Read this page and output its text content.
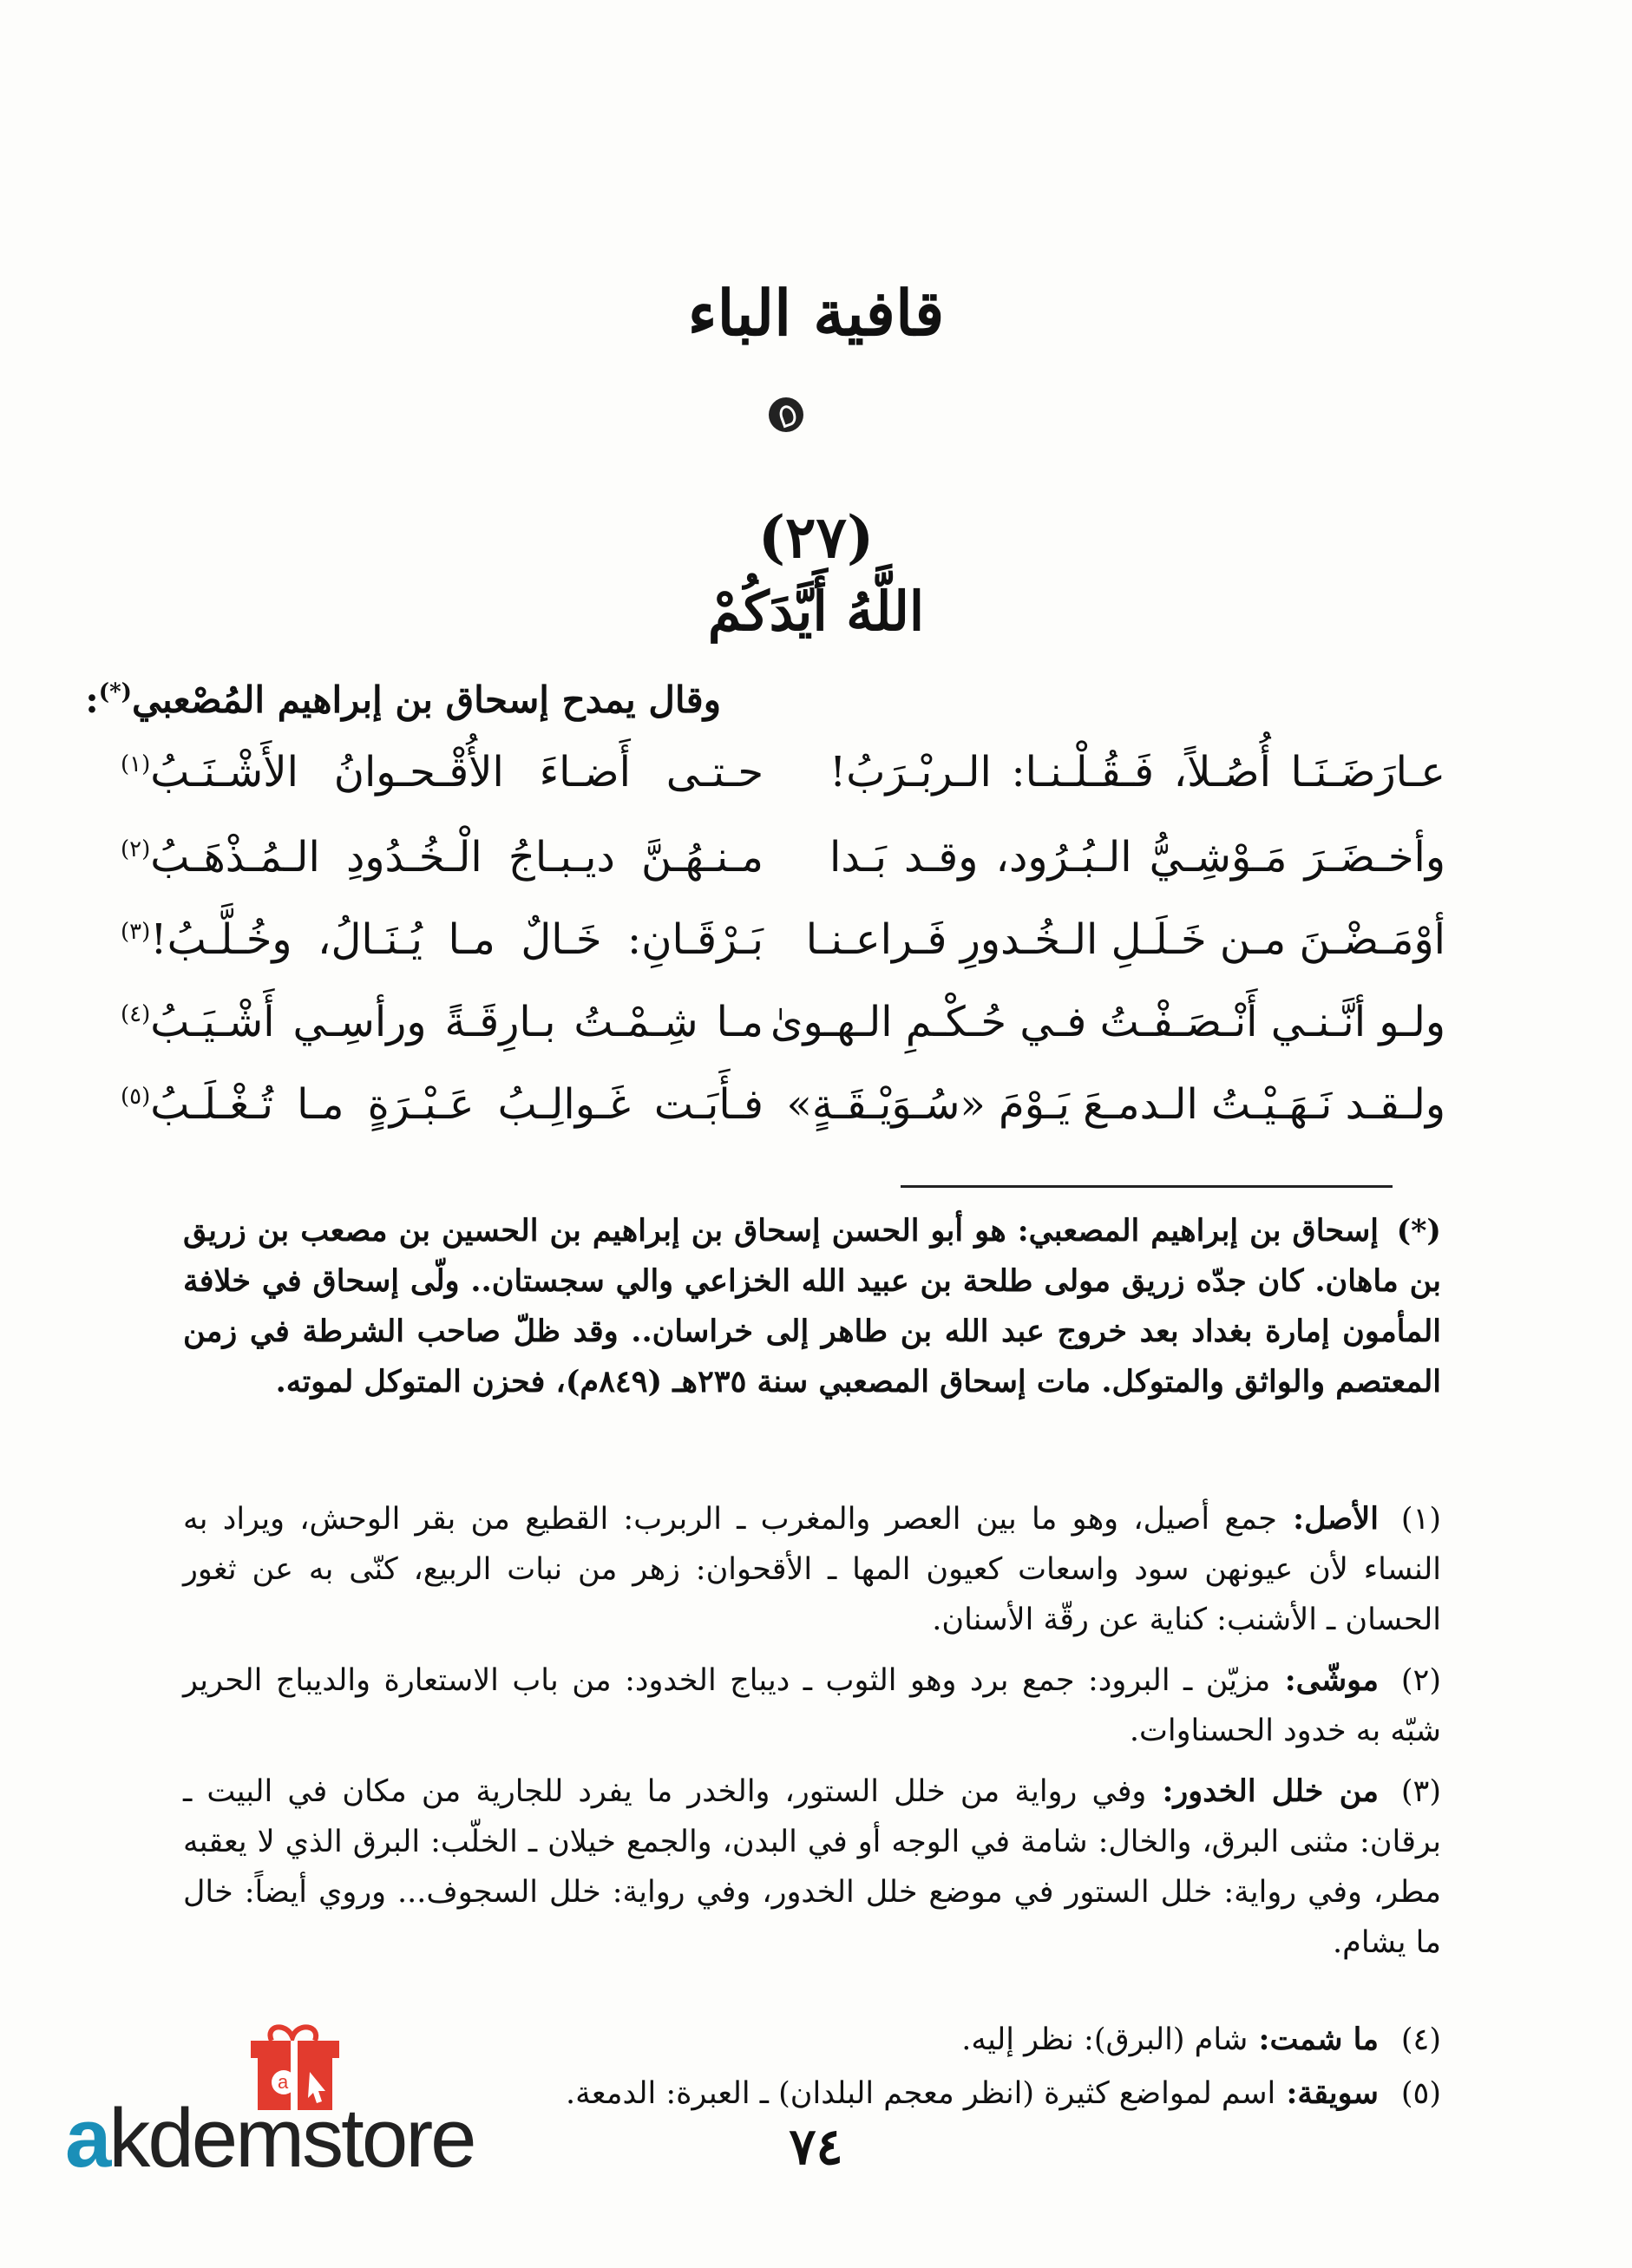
قافية الباء
(٢٧)
اللَّهُ أَيَّدَكُمْ
وقال يمدح إسحاق بن إبراهيم المُصْعبي(*):
عـارَضَـنَـا أُصُـلاً، فَـقُـلْـنـا: الـربْـرَبُ!
حـتـى أَضـاءَ الأُقْـحـوانُ الأَشْـنَـبُ$^{(١)}$
وأخـضَـرَ مَـوْشِـيُّ الـبُـرُود، وقـد بَـدا
مـنـهُـنَّ ديـبـاجُ الْـخُـدُودِ الـمُـذْهَـبُ$^{(٢)}$
أوْمَـضْـنَ مـن خَـلَـلِ الـخُـدورِ فَـراعـنـا
بَـرْقَـانِ: خَـالٌ مـا يُـنَـالُ، وخُـلَّـبُ!$^{(٣)}$
ولـو أنَّـنـي أَنْـصَـفْـتُ فـي حُـكْـمِ الـهـوىٰ
مـا شِـمْـتُ بـارِقَـةً ورأسِـي أَشْـيَـبُ$^{(٤)}$
ولـقـد نَـهَـيْـتُ الـدمـعَ يَـوْمَ «سُـوَيْـقَـةٍ»
فـأَبَـت غَـوالِـبُ عَـبْـرَةٍ مـا تُـغْـلَـبُ$^{(٥)}$
(*)إسحاق بن إبراهيم المصعبي: هو أبو الحسن إسحاق بن إبراهيم بن الحسين بن مصعب بن زريق بن ماهان. كان جدّه زريق مولى طلحة بن عبيد الله الخزاعي والي سجستان.. ولّى إسحاق في خلافة المأمون إمارة بغداد بعد خروج عبد الله بن طاهر إلى خراسان.. وقد ظلّ صاحب الشرطة في زمن المعتصم والواثق والمتوكل. مات إسحاق المصعبي سنة ٢٣٥هـ (٨٤٩م)، فحزن المتوكل لموته.
(١)الأصل: جمع أصيل، وهو ما بين العصر والمغرب ـ الربرب: القطيع من بقر الوحش، ويراد به النساء لأن عيونهن سود واسعات كعيون المها ـ الأقحوان: زهر من نبات الربيع، كنّى به عن ثغور الحسان ـ الأشنب: كناية عن رقّة الأسنان.
(٢)موشّى: مزيّن ـ البرود: جمع برد وهو الثوب ـ ديباج الخدود: من باب الاستعارة والديباج الحرير شبّه به خدود الحسناوات.
(٣)من خلل الخدور: وفي رواية من خلل الستور، والخدر ما يفرد للجارية من مكان في البيت ـ برقان: مثنى البرق، والخال: شامة في الوجه أو في البدن، والجمع خيلان ـ الخلّب: البرق الذي لا يعقبه مطر، وفي رواية: خلل الستور في موضع خلل الخدور، وفي رواية: خلل السجوف... وروي أيضاً: خال ما يشام.
(٤)ما شمت: شام (البرق): نظر إليه.
(٥)سويقة: اسم لمواضع كثيرة (انظر معجم البلدان) ـ العبرة: الدمعة.
٧٤
a
akdemstore
